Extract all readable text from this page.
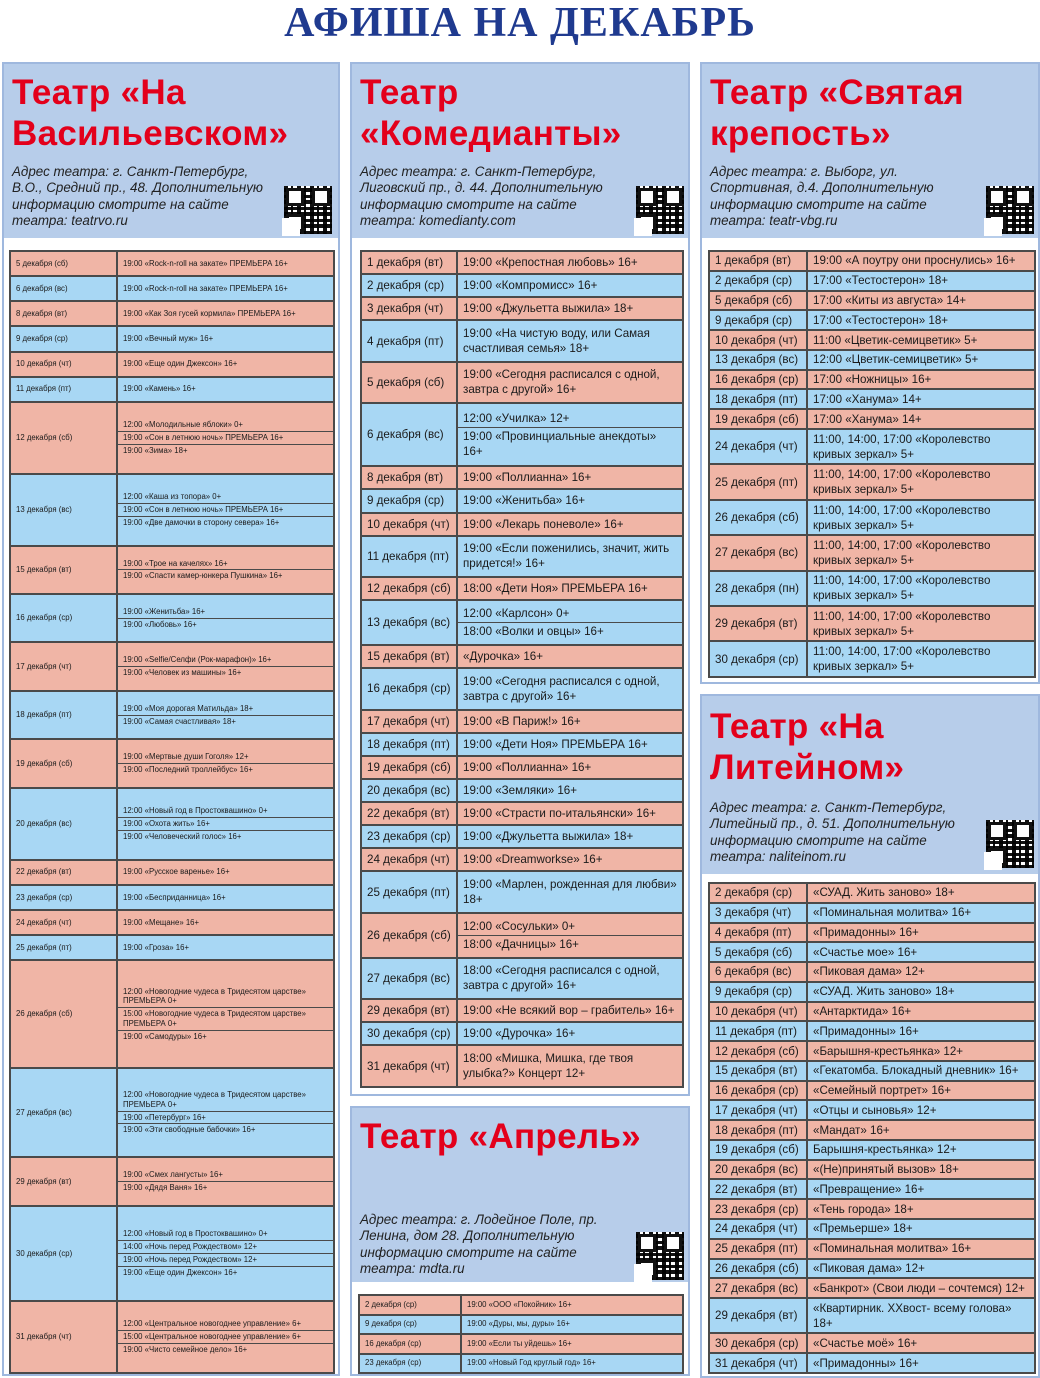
АФИША НА ДЕКАБРЬ
Театр «На Васильевском»
Адрес театра: г. Санкт-Петербург, В.О., Средний пр., 48. Дополнительную информацию смотрите на сайте театра: teatrvo.ru
5 декабря (сб)	19:00 «Rock-n-roll на закате» ПРЕМЬЕРА 16+

6 декабря (вс)	19:00 «Rock-n-roll на закате» ПРЕМЬЕРА 16+

8 декабря (вт)	19:00 «Как Зоя гусей кормила» ПРЕМЬЕРА 16+

9 декабря (ср)	19:00 «Вечный муж» 16+

10 декабря (чт)	19:00 «Еще один Джексон» 16+

11 декабря (пт)	19:00 «Камень» 16+

12 декабря (сб)	12:00 «Молодильные яблоки» 0+
19:00 «Сон в летнюю ночь» ПРЕМЬЕРА 16+
19:00 «Зима» 18+

13 декабря (вс)	12:00 «Каша из топора» 0+
19:00 «Сон в летнюю ночь» ПРЕМЬЕРА 16+
19:00 «Две дамочки в сторону севера» 16+

15 декабря (вт)	19:00 «Трое на качелях» 16+
19:00 «Спасти камер-юнкера Пушкина» 16+

16 декабря (ср)	19:00 «Женитьба» 16+
19:00 «Любовь» 16+

17 декабря (чт)	19:00 «Selfie/Селфи (Рок-марафон)» 16+
19:00 «Человек из машины» 16+

18 декабря (пт)	19:00 «Моя дорогая Матильда» 18+
19:00 «Самая счастливая» 18+

19 декабря (сб)	19:00 «Мертвые души Гоголя» 12+
19:00 «Последний троллейбус» 16+

20 декабря (вс)	12:00 «Новый год в Простоквашино» 0+
19:00 «Охота жить» 16+
19:00 «Человеческий голос» 16+

22 декабря (вт)	19:00 «Русское варенье» 16+

23 декабря (ср)	19:00 «Бесприданница» 16+

24 декабря (чт)	19:00 «Мещане» 16+

25 декабря (пт)	19:00 «Гроза» 16+

26 декабря (сб)	12:00 «Новогодние чудеса в Тридесятом царстве» ПРЕМЬЕРА 0+
15:00 «Новогодние чудеса в Тридесятом царстве» ПРЕМЬЕРА 0+
19:00 «Самодуры» 16+

27 декабря (вс)	12:00 «Новогодние чудеса в Тридесятом царстве» ПРЕМЬЕРА 0+
19:00 «Петербург» 16+
19:00 «Эти свободные бабочки» 16+

29 декабря (вт)	19:00 «Смех лангусты» 16+
19:00 «Дядя Ваня» 16+

30 декабря (ср)	12:00 «Новый год в Простоквашино» 0+
14:00 «Ночь перед Рождеством» 12+
19:00 «Ночь перед Рождеством» 12+
19:00 «Еще один Джексон» 16+

31 декабря (чт)	12:00 «Центральное новогоднее управление» 6+
15:00 «Центральное новогоднее управление» 6+
19:00 «Чисто семейное дело» 16+
Театр «Комедианты»
Адрес театра: г. Санкт-Петербург, Лиговский пр., д. 44. Дополнительную информацию смотрите на сайте театра: komedianty.com
1 декабря (вт)	19:00 «Крепостная любовь» 16+

2 декабря (ср)	19:00 «Компромисс» 16+

3 декабря (чт)	19:00 «Джульетта выжила» 18+

4 декабря (пт)	19:00 «На чистую воду, или Самая счастливая семья» 18+

5 декабря (сб)	19:00 «Сегодня расписался с одной, завтра с другой» 16+

6 декабря (вс)	12:00 «Училка» 12+
19:00 «Провинциальные анекдоты» 16+

8 декабря (вт)	19:00 «Поллианна» 16+

9 декабря (ср)	19:00 «Женитьба» 16+

10 декабря (чт)	19:00 «Лекарь поневоле» 16+

11 декабря (пт)	19:00 «Если поженились, значит, жить придется!» 16+

12 декабря (сб)	18:00 «Дети Ноя» ПРЕМЬЕРА 16+

13 декабря (вс)	12:00 «Карлсон» 0+
18:00 «Волки и овцы» 16+

15 декабря (вт)	«Дурочка» 16+

16 декабря (ср)	19:00 «Сегодня расписался с одной, завтра с другой» 16+

17 декабря (чт)	19:00 «В Париж!» 16+

18 декабря (пт)	19:00 «Дети Ноя» ПРЕМЬЕРА 16+

19 декабря (сб)	19:00 «Поллианна» 16+

20 декабря (вс)	19:00 «Земляки» 16+

22 декабря (вт)	19:00 «Страсти по-итальянски» 16+

23 декабря (ср)	19:00 «Джульетта выжила» 18+

24 декабря (чт)	19:00 «Dreamworkse» 16+

25 декабря (пт)	19:00 «Марлен, рожденная для любви» 18+

26 декабря (сб)	12:00 «Сосульки» 0+
18:00 «Дачницы» 16+

27 декабря (вс)	18:00 «Сегодня расписался с одной, завтра с другой» 16+

29 декабря (вт)	19:00 «Не всякий вор – грабитель» 16+

30 декабря (ср)	19:00 «Дурочка» 16+

31 декабря (чт)	18:00 «Мишка, Мишка, где твоя улыбка?» Концерт 12+
Театр «Апрель»
Адрес театра: г. Лодейное Поле, пр. Ленина, дом 28. Дополнительную информацию смотрите на сайте театра: mdta.ru
2 декабря (ср)	19:00 «ООО «Покойник» 16+

9 декабря (ср)	19:00 «Дуры, мы, дуры» 16+

16 декабря (ср)	19:00 «Если ты уйдешь» 16+

23 декабря (ср)	19:00 «Новый Год круглый год» 16+
Театр «Святая крепость»
Адрес театра: г. Выборг, ул. Спортивная, д.4. Дополнительную информацию смотрите на сайте театра: teatr-vbg.ru
1 декабря (вт)	19:00 «А поутру они проснулись» 16+

2 декабря (ср)	17:00 «Тестостерон» 18+

5 декабря (сб)	17:00 «Киты из августа» 14+

9 декабря (ср)	17:00 «Тестостерон» 18+

10 декабря (чт)	11:00 «Цветик-семицветик» 5+

13 декабря (вс)	12:00 «Цветик-семицветик» 5+

16 декабря (ср)	17:00 «Ножницы» 16+

18 декабря (пт)	17:00 «Ханума» 14+

19 декабря (сб)	17:00 «Ханума» 14+

24 декабря (чт)	11:00, 14:00, 17:00 «Королевство кривых зеркал» 5+

25 декабря (пт)	11:00, 14:00, 17:00 «Королевство кривых зеркал» 5+

26 декабря (сб)	11:00, 14:00, 17:00 «Королевство кривых зеркал» 5+

27 декабря (вс)	11:00, 14:00, 17:00 «Королевство кривых зеркал» 5+

28 декабря (пн)	11:00, 14:00, 17:00 «Королевство кривых зеркал» 5+

29 декабря (вт)	11:00, 14:00, 17:00 «Королевство кривых зеркал» 5+

30 декабря (ср)	11:00, 14:00, 17:00 «Королевство кривых зеркал» 5+
Театр «На Литейном»
Адрес театра: г. Санкт-Петербург, Литейный пр., д. 51. Дополнительную информацию смотрите на сайте театра: naliteinom.ru
2 декабря (ср)	«СУАД. Жить заново» 18+

3 декабря (чт)	«Поминальная молитва» 16+

4 декабря (пт)	«Примадонны» 16+

5 декабря (сб)	«Счастье мое» 16+

6 декабря (вс)	«Пиковая дама» 12+

9 декабря (ср)	«СУАД. Жить заново» 18+

10 декабря (чт)	«Антарктида» 16+

11 декабря (пт)	«Примадонны» 16+

12 декабря (сб)	«Барышня-крестьянка» 12+

15 декабря (вт)	«Гекатомба. Блокадный дневник» 16+

16 декабря (ср)	«Семейный портрет» 16+

17 декабря (чт)	«Отцы и сыновья» 12+

18 декабря (пт)	«Мандат» 16+

19 декабря (сб)	Барышня-крестьянка» 12+

20 декабря (вс)	«(Не)принятый вызов» 18+

22 декабря (вт)	«Превращение» 16+

23 декабря (ср)	«Тень города» 18+

24 декабря (чт)	«Премьерше» 18+

25 декабря (пт)	«Поминальная молитва» 16+

26 декабря (сб)	«Пиковая дама» 12+

27 декабря (вс)	«Банкрот» (Свои люди – сочтемся) 12+

29 декабря (вт)	«Квартирник. XXвост- всему голова» 18+

30 декабря (ср)	«Счастье моё» 16+

31 декабря (чт)	«Примадонны» 16+
